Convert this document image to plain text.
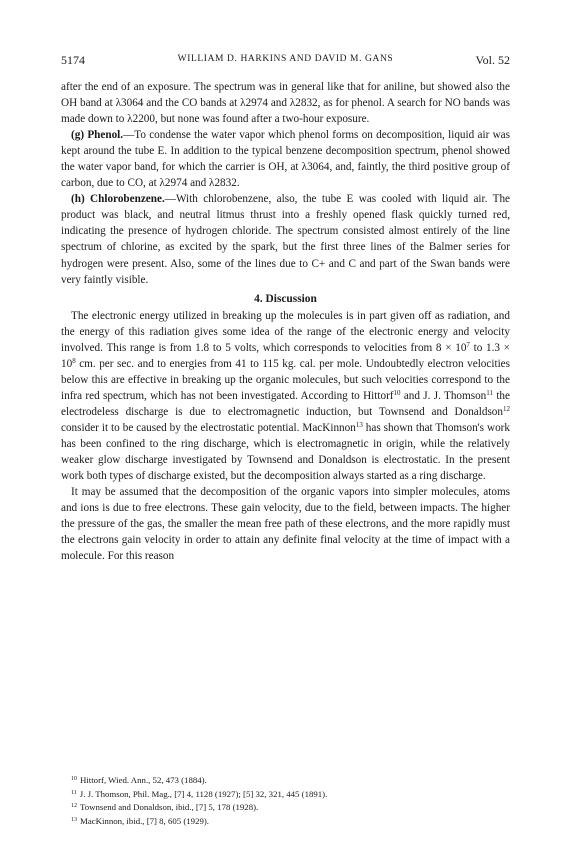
5174	WILLIAM D. HARKINS AND DAVID M. GANS	Vol. 52

after the end of an exposure. The spectrum was in general like that for aniline, but showed also the OH band at λ3064 and the CO bands at λ2974 and λ2832, as for phenol. A search for NO bands was made down to λ2200, but none was found after a two-hour exposure.

(g) Phenol.—To condense the water vapor which phenol forms on decomposition, liquid air was kept around the tube E. In addition to the typical benzene decomposition spectrum, phenol showed the water vapor band, for which the carrier is OH, at λ3064, and, faintly, the third positive group of carbon, due to CO, at λ2974 and λ2832.

(h) Chlorobenzene.—With chlorobenzene, also, the tube E was cooled with liquid air. The product was black, and neutral litmus thrust into a freshly opened flask quickly turned red, indicating the presence of hydrogen chloride. The spectrum consisted almost entirely of the line spectrum of chlorine, as excited by the spark, but the first three lines of the Balmer series for hydrogen were present. Also, some of the lines due to C+ and C and part of the Swan bands were very faintly visible.

4. Discussion

The electronic energy utilized in breaking up the molecules is in part given off as radiation, and the energy of this radiation gives some idea of the range of the electronic energy and velocity involved. This range is from 1.8 to 5 volts, which corresponds to velocities from $8 \times 10^7$ to $1.3 \times 10^8$ cm. per sec. and to energies from 41 to 115 kg. cal. per mole. Undoubtedly electron velocities below this are effective in breaking up the organic molecules, but such velocities correspond to the infra red spectrum, which has not been investigated. According to Hittorf$^{10}$ and J. J. Thomson$^{11}$ the electrodeless discharge is due to electromagnetic induction, but Townsend and Donaldson$^{12}$ consider it to be caused by the electrostatic potential. MacKinnon$^{13}$ has shown that Thomson's work has been confined to the ring discharge, which is electromagnetic in origin, while the relatively weaker glow discharge investigated by Townsend and Donaldson is electrostatic. In the present work both types of discharge existed, but the decomposition always started as a ring discharge.

It may be assumed that the decomposition of the organic vapors into simpler molecules, atoms and ions is due to free electrons. These gain velocity, due to the field, between impacts. The higher the pressure of the gas, the smaller the mean free path of these electrons, and the more rapidly must the electrons gain velocity in order to attain any definite final velocity at the time of impact with a molecule. For this reason

$^{10}$ Hittorf, Wied. Ann., 52, 473 (1884).
$^{11}$ J. J. Thomson, Phil. Mag., [7] 4, 1128 (1927); [5] 32, 321, 445 (1891).
$^{12}$ Townsend and Donaldson, ibid., [7] 5, 178 (1928).
$^{13}$ MacKinnon, ibid., [7] 8, 605 (1929).
